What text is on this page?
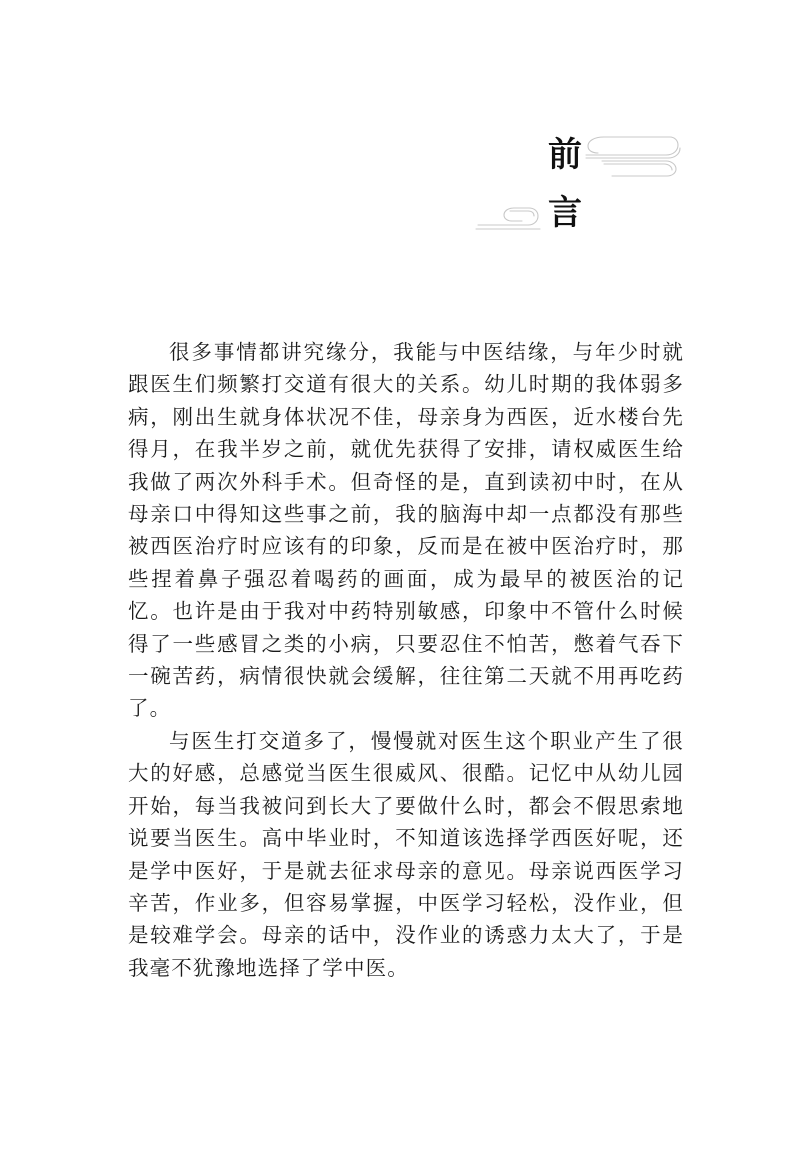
前
言

很多事情都讲究缘分，我能与中医结缘，与年少时就跟医生们频繁打交道有很大的关系。幼儿时期的我体弱多病，刚出生就身体状况不佳，母亲身为西医，近水楼台先得月，在我半岁之前，就优先获得了安排，请权威医生给我做了两次外科手术。但奇怪的是，直到读初中时，在从母亲口中得知这些事之前，我的脑海中却一点都没有那些被西医治疗时应该有的印象，反而是在被中医治疗时，那些捏着鼻子强忍着喝药的画面，成为最早的被医治的记忆。也许是由于我对中药特别敏感，印象中不管什么时候得了一些感冒之类的小病，只要忍住不怕苦，憋着气吞下一碗苦药，病情很快就会缓解，往往第二天就不用再吃药了。

与医生打交道多了，慢慢就对医生这个职业产生了很大的好感，总感觉当医生很威风、很酷。记忆中从幼儿园开始，每当我被问到长大了要做什么时，都会不假思索地说要当医生。高中毕业时，不知道该选择学西医好呢，还是学中医好，于是就去征求母亲的意见。母亲说西医学习辛苦，作业多，但容易掌握，中医学习轻松，没作业，但是较难学会。母亲的话中，没作业的诱惑力太大了，于是我毫不犹豫地选择了学中医。
